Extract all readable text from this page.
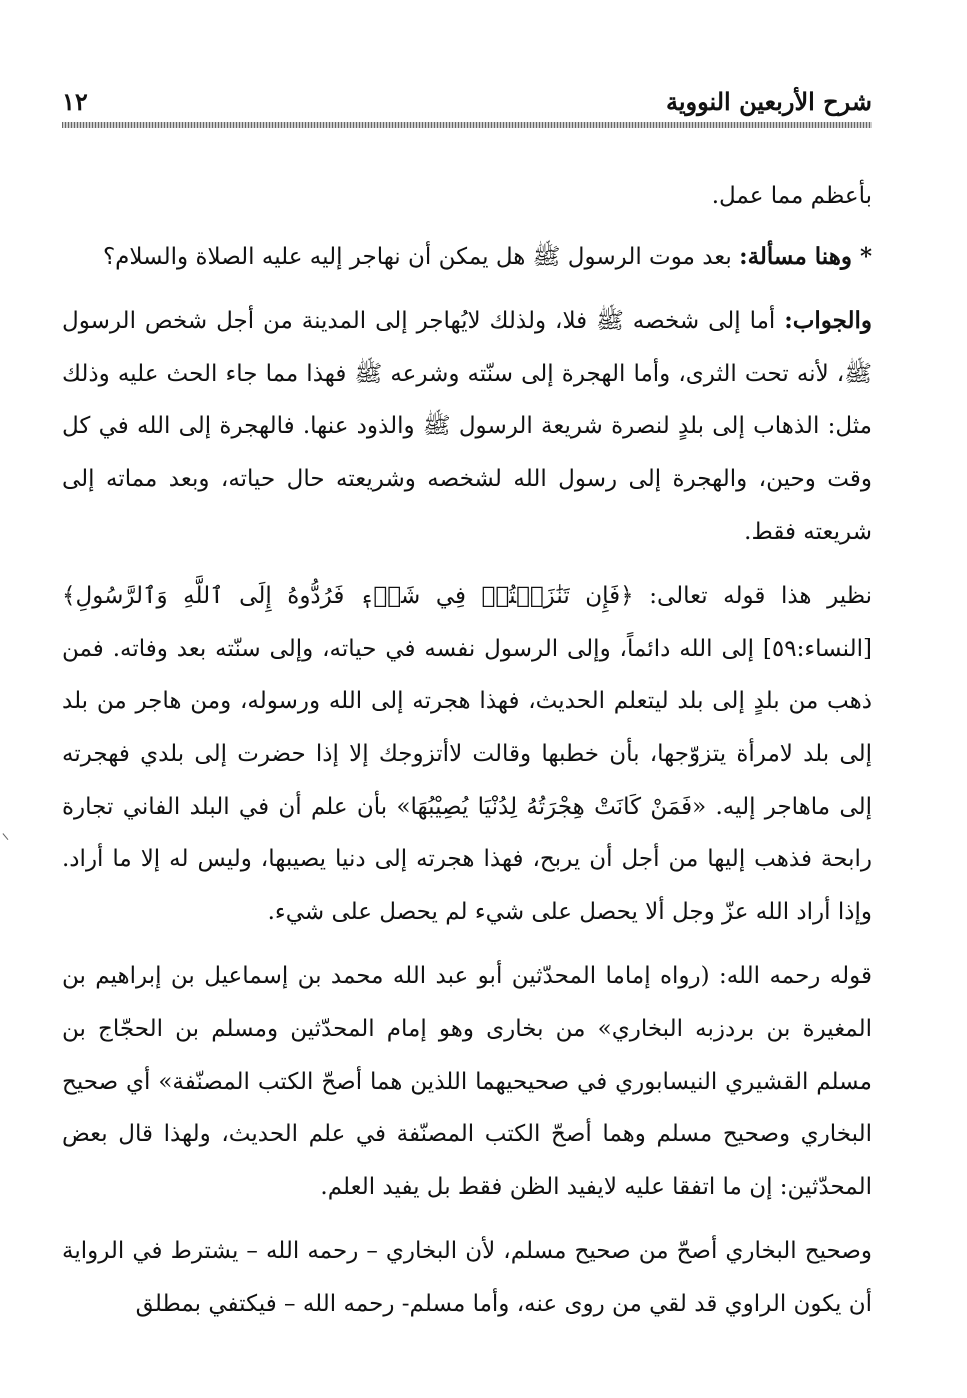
١٢	شرح الأربعين النووية

بأعظم مما عمل.

* وهنا مسألة: بعد موت الرسول ﷺ هل يمكن أن نهاجر إليه عليه الصلاة والسلام؟

والجواب: أما إلى شخصه ﷺ فلا، ولذلك لايُهاجر إلى المدينة من أجل شخص الرسول ﷺ، لأنه تحت الثرى، وأما الهجرة إلى سنّته وشرعه ﷺ فهذا مما جاء الحث عليه وذلك مثل: الذهاب إلى بلدٍ لنصرة شريعة الرسول ﷺ والذود عنها. فالهجرة إلى الله في كل وقت وحين، والهجرة إلى رسول الله لشخصه وشريعته حال حياته، وبعد مماته إلى شريعته فقط.

نظير هذا قوله تعالى: ﴿فَإِن تَنَٰزَعۡتُمۡ فِي شَيۡءٖ فَرُدُّوهُ إِلَى ٱللَّهِ وَٱلرَّسُولِ﴾ [النساء:٥٩] إلى الله دائماً، وإلى الرسول نفسه في حياته، وإلى سنّته بعد وفاته. فمن ذهب من بلدٍ إلى بلد ليتعلم الحديث، فهذا هجرته إلى الله ورسوله، ومن هاجر من بلد إلى بلد لامرأة يتزوّجها، بأن خطبها وقالت لاأتزوجك إلا إذا حضرت إلى بلدي فهجرته إلى ماهاجر إليه. «فَمَنْ كَانَتْ هِجْرَتُهُ لِدُنْيَا يُصِيْبُهَا» بأن علم أن في البلد الفاني تجارة رابحة فذهب إليها من أجل أن يربح، فهذا هجرته إلى دنيا يصيبها، وليس له إلا ما أراد. وإذا أراد الله عزّ وجل ألا يحصل على شيء لم يحصل على شيء.

قوله رحمه الله: (رواه إماما المحدّثين أبو عبد الله محمد بن إسماعيل بن إبراهيم بن المغيرة بن بردزبه البخاري» من بخارى وهو إمام المحدّثين ومسلم بن الحجّاج بن مسلم القشيري النيسابوري في صحيحيهما اللذين هما أصحّ الكتب المصنّفة» أي صحيح البخاري وصحيح مسلم وهما أصحّ الكتب المصنّفة في علم الحديث، ولهذا قال بعض المحدّثين: إن ما اتفقا عليه لايفيد الظن فقط بل يفيد العلم.

وصحيح البخاري أصحّ من صحيح مسلم، لأن البخاري – رحمه الله – يشترط في الرواية أن يكون الراوي قد لقي من روى عنه، وأما مسلم- رحمه الله – فيكتفي بمطلق
